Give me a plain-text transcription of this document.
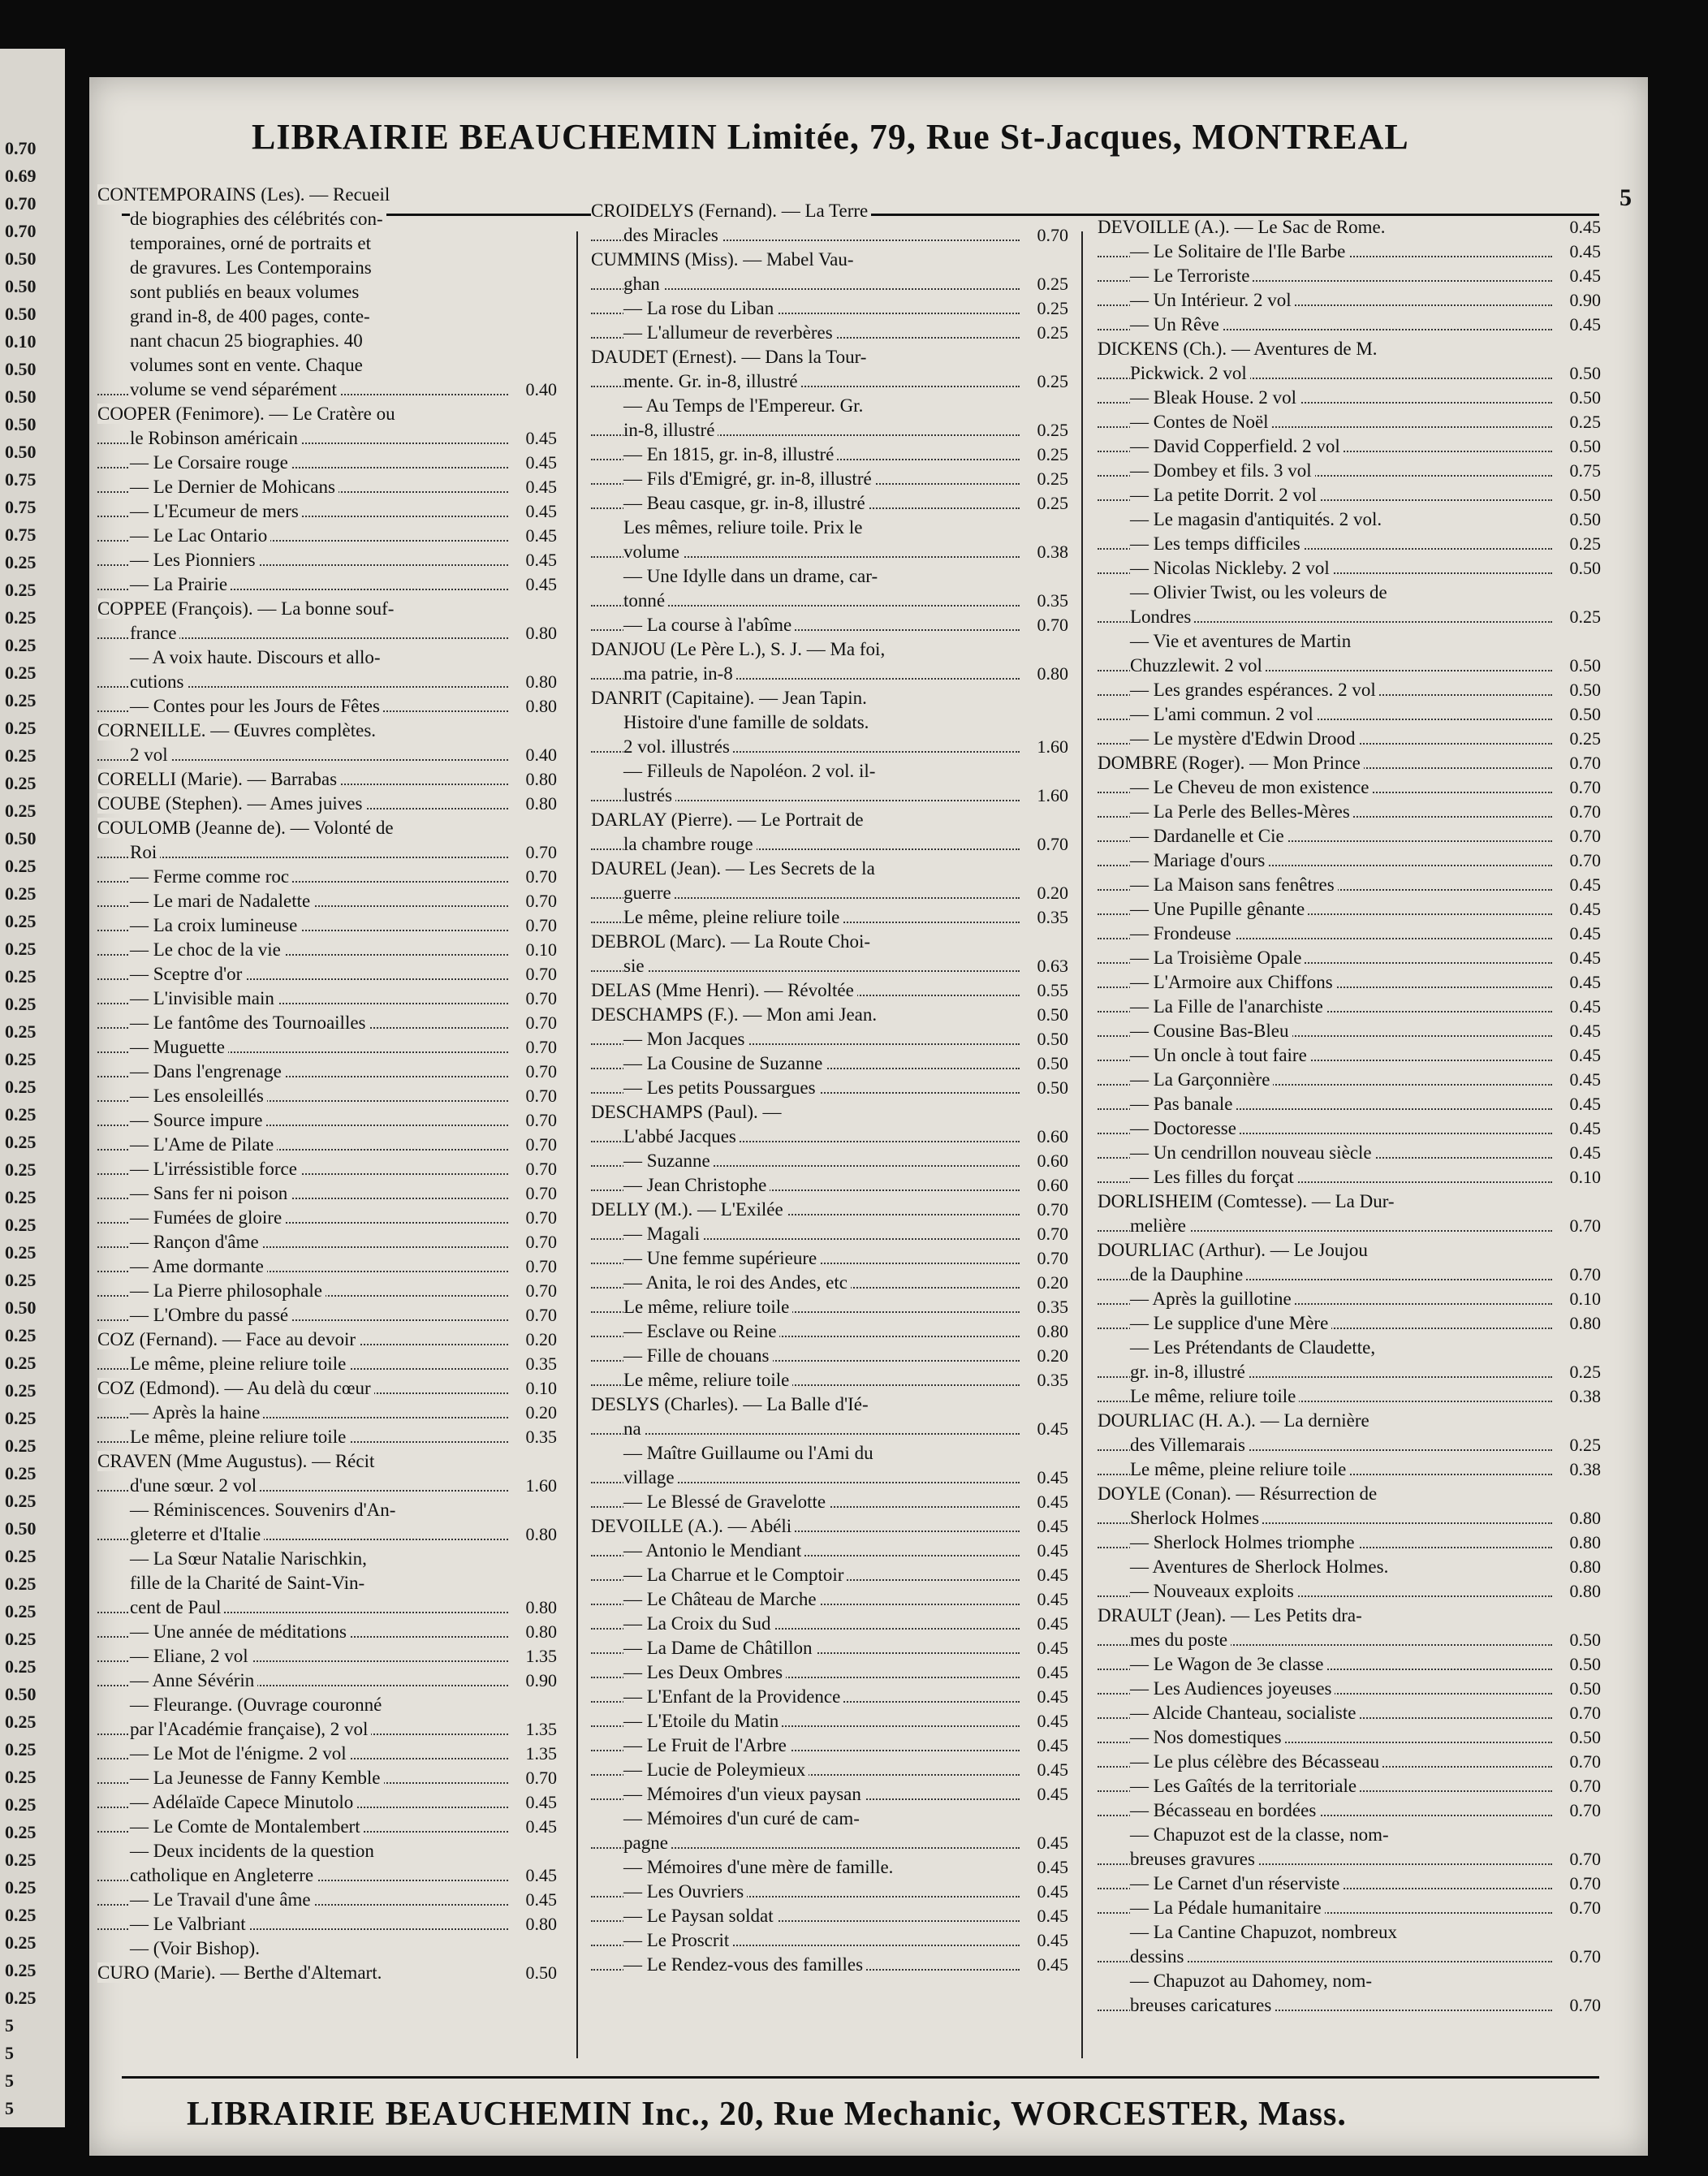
0.70
0.69
0.70
0.70
0.50
0.50
0.50
0.10
0.50
0.50
0.50
0.50
0.75
0.75
0.75
0.25
0.25
0.25
0.25
0.25
0.25
0.25
0.25
0.25
0.25
0.50
0.25
0.25
0.25
0.25
0.25
0.25
0.25
0.25
0.25
0.25
0.25
0.25
0.25
0.25
0.25
0.25
0.50
0.25
0.25
0.25
0.25
0.25
0.25
0.25
0.50
0.25
0.25
0.25
0.25
0.25
0.50
0.25
0.25
0.25
0.25
0.25
0.25
0.25
0.25
0.25
0.25
0.25
5
5
5
5
LIBRAIRIE BEAUCHEMIN Limitée, 79, Rue St-Jacques, MONTREAL
5
CONTEMPORAINS (Les). — Recueil
de biographies des célébrités con-
temporaines, orné de portraits et
de gravures. Les Contemporains
sont publiés en beaux volumes
grand in-8, de 400 pages, conte-
nant chacun 25 biographies. 40
volumes sont en vente. Chaque
volume se vend séparément	0.40
COOPER (Fenimore). — Le Cratère ou
le Robinson américain	0.45
— Le Corsaire rouge	0.45
— Le Dernier de Mohicans	0.45
— L'Ecumeur de mers	0.45
— Le Lac Ontario	0.45
— Les Pionniers	0.45
— La Prairie	0.45
COPPEE (François). — La bonne souf-
france	0.80
— A voix haute. Discours et allo-
cutions	0.80
— Contes pour les Jours de Fêtes	0.80
CORNEILLE. — Œuvres complètes.
2 vol	0.40
CORELLI (Marie). — Barrabas	0.80
COUBE (Stephen). — Ames juives	0.80
COULOMB (Jeanne de). — Volonté de
Roi	0.70
— Ferme comme roc	0.70
— Le mari de Nadalette	0.70
— La croix lumineuse	0.70
— Le choc de la vie	0.10
— Sceptre d'or	0.70
— L'invisible main	0.70
— Le fantôme des Tournoailles	0.70
— Muguette	0.70
— Dans l'engrenage	0.70
— Les ensoleillés	0.70
— Source impure	0.70
— L'Ame de Pilate	0.70
— L'irréssistible force	0.70
— Sans fer ni poison	0.70
— Fumées de gloire	0.70
— Rançon d'âme	0.70
— Ame dormante	0.70
— La Pierre philosophale	0.70
— L'Ombre du passé	0.70
COZ (Fernand). — Face au devoir	0.20
Le même, pleine reliure toile	0.35
COZ (Edmond). — Au delà du cœur	0.10
— Après la haine	0.20
Le même, pleine reliure toile	0.35
CRAVEN (Mme Augustus). — Récit
d'une sœur. 2 vol	1.60
— Réminiscences. Souvenirs d'An-
gleterre et d'Italie	0.80
— La Sœur Natalie Narischkin,
fille de la Charité de Saint-Vin-
cent de Paul	0.80
— Une année de méditations	0.80
— Eliane, 2 vol	1.35
— Anne Sévérin	0.90
— Fleurange. (Ouvrage couronné
par l'Académie française), 2 vol	1.35
— Le Mot de l'énigme. 2 vol	1.35
— La Jeunesse de Fanny Kemble	0.70
— Adélaïde Capece Minutolo	0.45
— Le Comte de Montalembert	0.45
— Deux incidents de la question
catholique en Angleterre	0.45
— Le Travail d'une âme	0.45
— Le Valbriant	0.80
— (Voir Bishop).
CURO (Marie). — Berthe d'Altemart.	0.50
CROIDELYS (Fernand). — La Terre
des Miracles	0.70
CUMMINS (Miss). — Mabel Vau-
ghan	0.25
— La rose du Liban	0.25
— L'allumeur de reverbères	0.25
DAUDET (Ernest). — Dans la Tour-
mente. Gr. in-8, illustré	0.25
— Au Temps de l'Empereur. Gr.
in-8, illustré	0.25
— En 1815, gr. in-8, illustré	0.25
— Fils d'Emigré, gr. in-8, illustré	0.25
— Beau casque, gr. in-8, illustré	0.25
Les mêmes, reliure toile. Prix le
volume	0.38
— Une Idylle dans un drame, car-
tonné	0.35
— La course à l'abîme	0.70
DANJOU (Le Père L.), S. J. — Ma foi,
ma patrie, in-8	0.80
DANRIT (Capitaine). — Jean Tapin.
Histoire d'une famille de soldats.
2 vol. illustrés	1.60
— Filleuls de Napoléon. 2 vol. il-
lustrés	1.60
DARLAY (Pierre). — Le Portrait de
la chambre rouge	0.70
DAUREL (Jean). — Les Secrets de la
guerre	0.20
Le même, pleine reliure toile	0.35
DEBROL (Marc). — La Route Choi-
sie	0.63
DELAS (Mme Henri). — Révoltée	0.55
DESCHAMPS (F.). — Mon ami Jean.	0.50
— Mon Jacques	0.50
— La Cousine de Suzanne	0.50
— Les petits Poussargues	0.50
DESCHAMPS (Paul). —
L'abbé Jacques	0.60
— Suzanne	0.60
— Jean Christophe	0.60
DELLY (M.). — L'Exilée	0.70
— Magali	0.70
— Une femme supérieure	0.70
— Anita, le roi des Andes, etc	0.20
Le même, reliure toile	0.35
— Esclave ou Reine	0.80
— Fille de chouans	0.20
Le même, reliure toile	0.35
DESLYS (Charles). — La Balle d'Ié-
na	0.45
— Maître Guillaume ou l'Ami du
village	0.45
— Le Blessé de Gravelotte	0.45
DEVOILLE (A.). — Abéli	0.45
— Antonio le Mendiant	0.45
— La Charrue et le Comptoir	0.45
— Le Château de Marche	0.45
— La Croix du Sud	0.45
— La Dame de Châtillon	0.45
— Les Deux Ombres	0.45
— L'Enfant de la Providence	0.45
— L'Etoile du Matin	0.45
— Le Fruit de l'Arbre	0.45
— Lucie de Poleymieux	0.45
— Mémoires d'un vieux paysan	0.45
— Mémoires d'un curé de cam-
pagne	0.45
— Mémoires d'une mère de famille.	0.45
— Les Ouvriers	0.45
— Le Paysan soldat	0.45
— Le Proscrit	0.45
— Le Rendez-vous des familles	0.45
DEVOILLE (A.). — Le Sac de Rome.	0.45
— Le Solitaire de l'Ile Barbe	0.45
— Le Terroriste	0.45
— Un Intérieur. 2 vol	0.90
— Un Rêve	0.45
DICKENS (Ch.). — Aventures de M.
Pickwick. 2 vol	0.50
— Bleak House. 2 vol	0.50
— Contes de Noël	0.25
— David Copperfield. 2 vol	0.50
— Dombey et fils. 3 vol	0.75
— La petite Dorrit. 2 vol	0.50
— Le magasin d'antiquités. 2 vol.	0.50
— Les temps difficiles	0.25
— Nicolas Nickleby. 2 vol	0.50
— Olivier Twist, ou les voleurs de
Londres	0.25
— Vie et aventures de Martin
Chuzzlewit. 2 vol	0.50
— Les grandes espérances. 2 vol	0.50
— L'ami commun. 2 vol	0.50
— Le mystère d'Edwin Drood	0.25
DOMBRE (Roger). — Mon Prince	0.70
— Le Cheveu de mon existence	0.70
— La Perle des Belles-Mères	0.70
— Dardanelle et Cie	0.70
— Mariage d'ours	0.70
— La Maison sans fenêtres	0.45
— Une Pupille gênante	0.45
— Frondeuse	0.45
— La Troisième Opale	0.45
— L'Armoire aux Chiffons	0.45
— La Fille de l'anarchiste	0.45
— Cousine Bas-Bleu	0.45
— Un oncle à tout faire	0.45
— La Garçonnière	0.45
— Pas banale	0.45
— Doctoresse	0.45
— Un cendrillon nouveau siècle	0.45
— Les filles du forçat	0.10
DORLISHEIM (Comtesse). — La Dur-
melière	0.70
DOURLIAC (Arthur). — Le Joujou
de la Dauphine	0.70
— Après la guillotine	0.10
— Le supplice d'une Mère	0.80
— Les Prétendants de Claudette,
gr. in-8, illustré	0.25
Le même, reliure toile	0.38
DOURLIAC (H. A.). — La dernière
des Villemarais	0.25
Le même, pleine reliure toile	0.38
DOYLE (Conan). — Résurrection de
Sherlock Holmes	0.80
— Sherlock Holmes triomphe	0.80
— Aventures de Sherlock Holmes.	0.80
— Nouveaux exploits	0.80
DRAULT (Jean). — Les Petits dra-
mes du poste	0.50
— Le Wagon de 3e classe	0.50
— Les Audiences joyeuses	0.50
— Alcide Chanteau, socialiste	0.70
— Nos domestiques	0.50
— Le plus célèbre des Bécasseau	0.70
— Les Gaîtés de la territoriale	0.70
— Bécasseau en bordées	0.70
— Chapuzot est de la classe, nom-
breuses gravures	0.70
— Le Carnet d'un réserviste	0.70
— La Pédale humanitaire	0.70
— La Cantine Chapuzot, nombreux
dessins	0.70
— Chapuzot au Dahomey, nom-
breuses caricatures	0.70
LIBRAIRIE BEAUCHEMIN Inc., 20, Rue Mechanic, WORCESTER, Mass.
